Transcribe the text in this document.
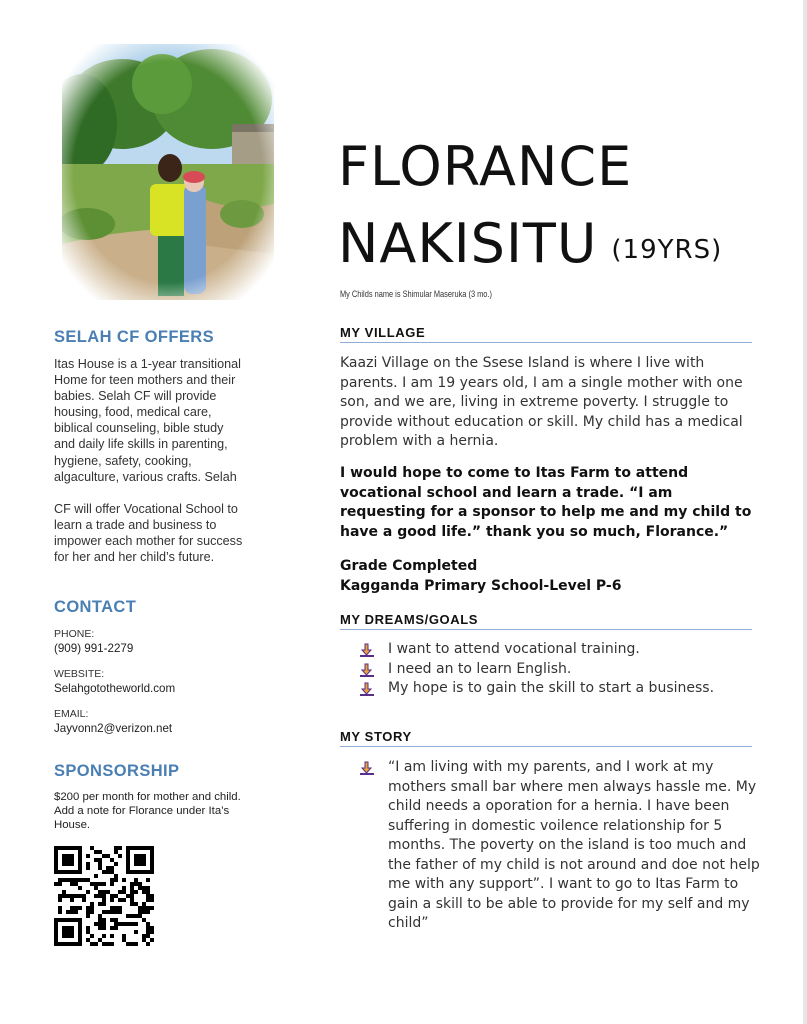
SELAH CF OFFERS

Itas House is a 1-year transitional
Home for teen mothers and their
babies. Selah CF will provide
housing, food, medical care,
biblical counseling, bible study
and daily life skills in parenting,
hygiene, safety, cooking,
algaculture, various crafts. Selah

CF will offer Vocational School to
learn a trade and business to
impower each mother for success
for her and her child’s future.

CONTACT

PHONE:

(909) 991-2279

WEBSITE:

Selahgototheworld.com

EMAIL:

Jayvonn2@verizon.net

SPONSORSHIP

$200 per month for mother and child.
Add a note for Florance under Ita’s
House.

FLORANCE
NAKISITU (19YRS)

My Childs name is Shimular Maseruka (3 mo.)

MY VILLAGE

Kaazi Village on the Ssese Island is where I live with parents. I am 19 years old, I am a single mother with one son, and we are, living in extreme poverty. I struggle to provide without education or skill. My child has a medical problem with a hernia.

I would hope to come to Itas Farm to attend vocational school and learn a trade. “I am requesting for a sponsor to help me and my child to have a good life.” thank you so much, Florance.”

Grade Completed

Kagganda Primary School-Level P-6

MY DREAMS/GOALS
I want to attend vocational training.
I need an to learn English.
My hope is to gain the skill to start a business.
MY STORY
“I am living with my parents, and I work at my mothers small bar where men always hassle me. My child needs a oporation for a hernia. I have been suffering in domestic voilence relationship for 5 months. The poverty on the island is too much and the father of my child is not around and doe not help me with any support”. I want to go to Itas Farm to gain a skill to be able to provide for my self and my child”
